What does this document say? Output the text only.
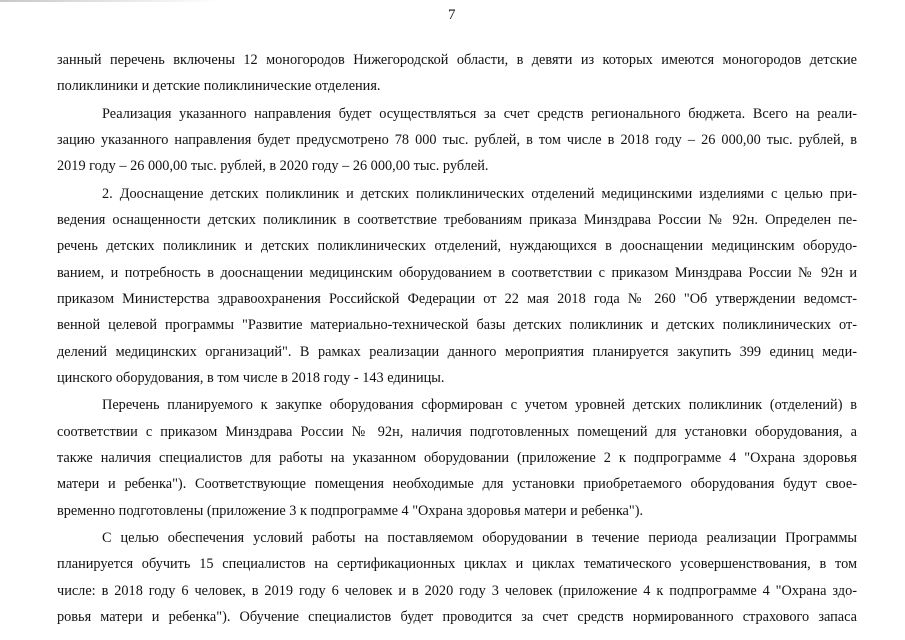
7
занный перечень включены 12 моногородов Нижегородской области, в девяти из которых имеются моногородов детские
поликлиники и детские поликлинические отделения.
Реализация указанного направления будет осуществляться за счет средств регионального бюджета. Всего на реали-
зацию указанного направления будет предусмотрено 78 000 тыс. рублей, в том числе в 2018 году – 26 000,00 тыс. рублей, в
2019 году – 26 000,00 тыс. рублей, в 2020 году – 26 000,00 тыс. рублей.
2. Дооснащение детских поликлиник и детских поликлинических отделений медицинскими изделиями с целью при-
ведения оснащенности детских поликлиник в соответствие требованиям приказа Минздрава России № 92н. Определен пе-
речень детских поликлиник и детских поликлинических отделений, нуждающихся в дооснащении медицинским оборудо-
ванием, и потребность в дооснащении медицинским оборудованием в соответствии с приказом Минздрава России № 92н и
приказом Министерства здравоохранения Российской Федерации от 22 мая 2018 года № 260 "Об утверждении ведомст-
венной целевой программы "Развитие материально-технической базы детских поликлиник и детских поликлинических от-
делений медицинских организаций". В рамках реализации данного мероприятия планируется закупить 399 единиц меди-
цинского оборудования, в том числе в 2018 году - 143 единицы.
Перечень планируемого к закупке оборудования сформирован с учетом уровней детских поликлиник (отделений) в
соответствии с приказом Минздрава России № 92н, наличия подготовленных помещений для установки оборудования, а
также наличия специалистов для работы на указанном оборудовании (приложение 2 к подпрограмме 4 "Охрана здоровья
матери и ребенка"). Соответствующие помещения необходимые для установки приобретаемого оборудования будут свое-
временно подготовлены (приложение 3 к подпрограмме 4 "Охрана здоровья матери и ребенка").
С целью обеспечения условий работы на поставляемом оборудовании в течение периода реализации Программы
планируется обучить 15 специалистов на сертификационных циклах и циклах тематического усовершенствования, в том
числе: в 2018 году 6 человек, в 2019 году 6 человек и в 2020 году 3 человек (приложение 4 к подпрограмме 4 "Охрана здо-
ровья матери и ребенка"). Обучение специалистов будет проводится за счет средств нормированного страхового запаса
